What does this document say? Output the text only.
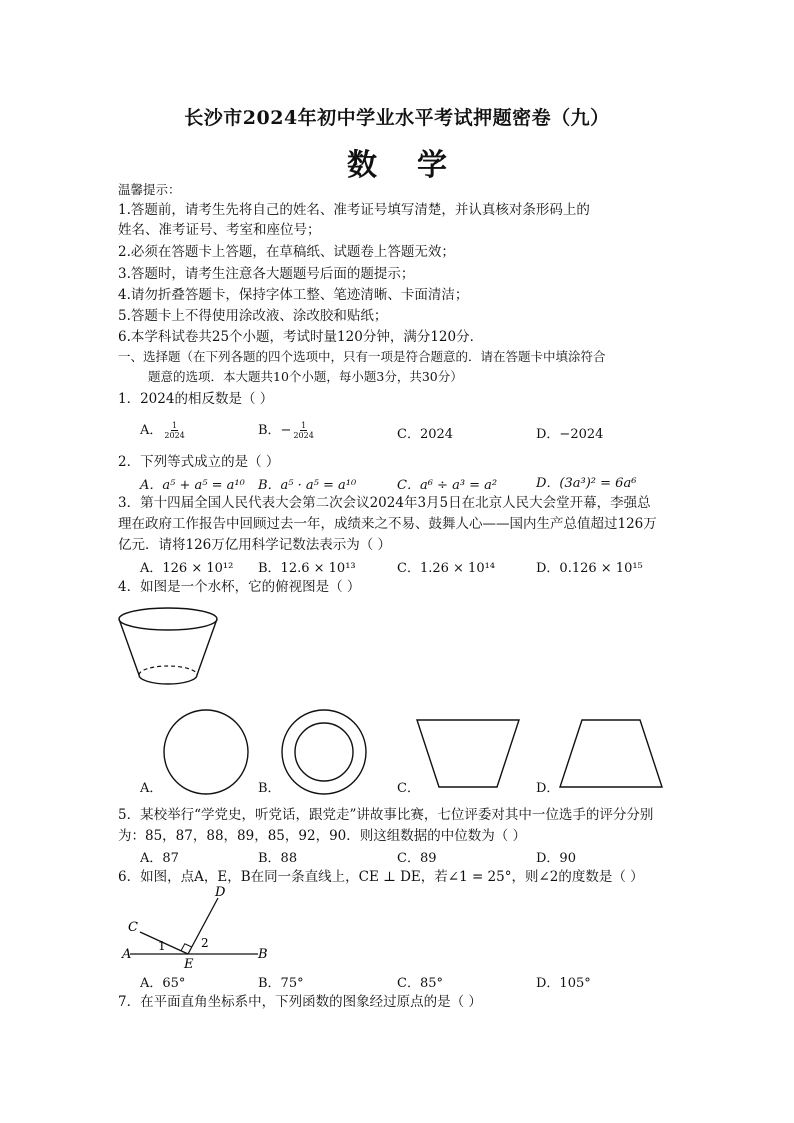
长沙市2024年初中学业水平考试押题密卷（九）
数学
温馨提示：
1.答题前，请考生先将自己的姓名、准考证号填写清楚，并认真核对条形码上的
姓名、准考证号、考室和座位号；
2.必须在答题卡上答题，在草稿纸、试题卷上答题无效；
3.答题时，请考生注意各大题题号后面的题提示；
4.请勿折叠答题卡，保持字体工整、笔迹清晰、卡面清洁；
5.答题卡上不得使用涂改液、涂改胶和贴纸；
6.本学科试卷共25个小题，考试时量120分钟，满分120分．
一、选择题（在下列各题的四个选项中，只有一项是符合题意的．请在答题卡中填涂符合
题意的选项．本大题共10个小题，每小题3分，共30分）
1．2024的相反数是（ ）
A． $\frac{1}{2024}$	B．− $\frac{1}{2024}$	C．2024	D．−2024
2．下列等式成立的是（ ）
A．a⁵ + a⁵ = a¹⁰ B．a⁵ · a⁵ = a¹⁰	C．a⁶ ÷ a³ = a²	D．(3a³)² = 6a⁶
3．第十四届全国人民代表大会第二次会议2024年3月5日在北京人民大会堂开幕，李强总
理在政府工作报告中回顾过去一年，成绩来之不易、鼓舞人心——国内生产总值超过126万
亿元．请将126万亿用科学记数法表示为（ ）
A．126 × 10¹² B．12.6 × 10¹³	C．1.26 × 10¹⁴	D．0.126 × 10¹⁵
4．如图是一个水杯，它的俯视图是（ ）
A．	B．	C．	D．
5．某校举行“学党史，听党话，跟党走”讲故事比赛，七位评委对其中一位选手的评分分别
为：85，87，88，89，85，92，90．则这组数据的中位数为（ ）
A．87	B．88	C．89	D．90
6．如图，点A，E，B在同一条直线上，CE ⊥ DE，若∠1 = 25°，则∠2的度数是（ ）
A	B
C
D
E
1	2
A．65°	B．75°	C．85°	D．105°
7．在平面直角坐标系中，下列函数的图象经过原点的是（ ）
